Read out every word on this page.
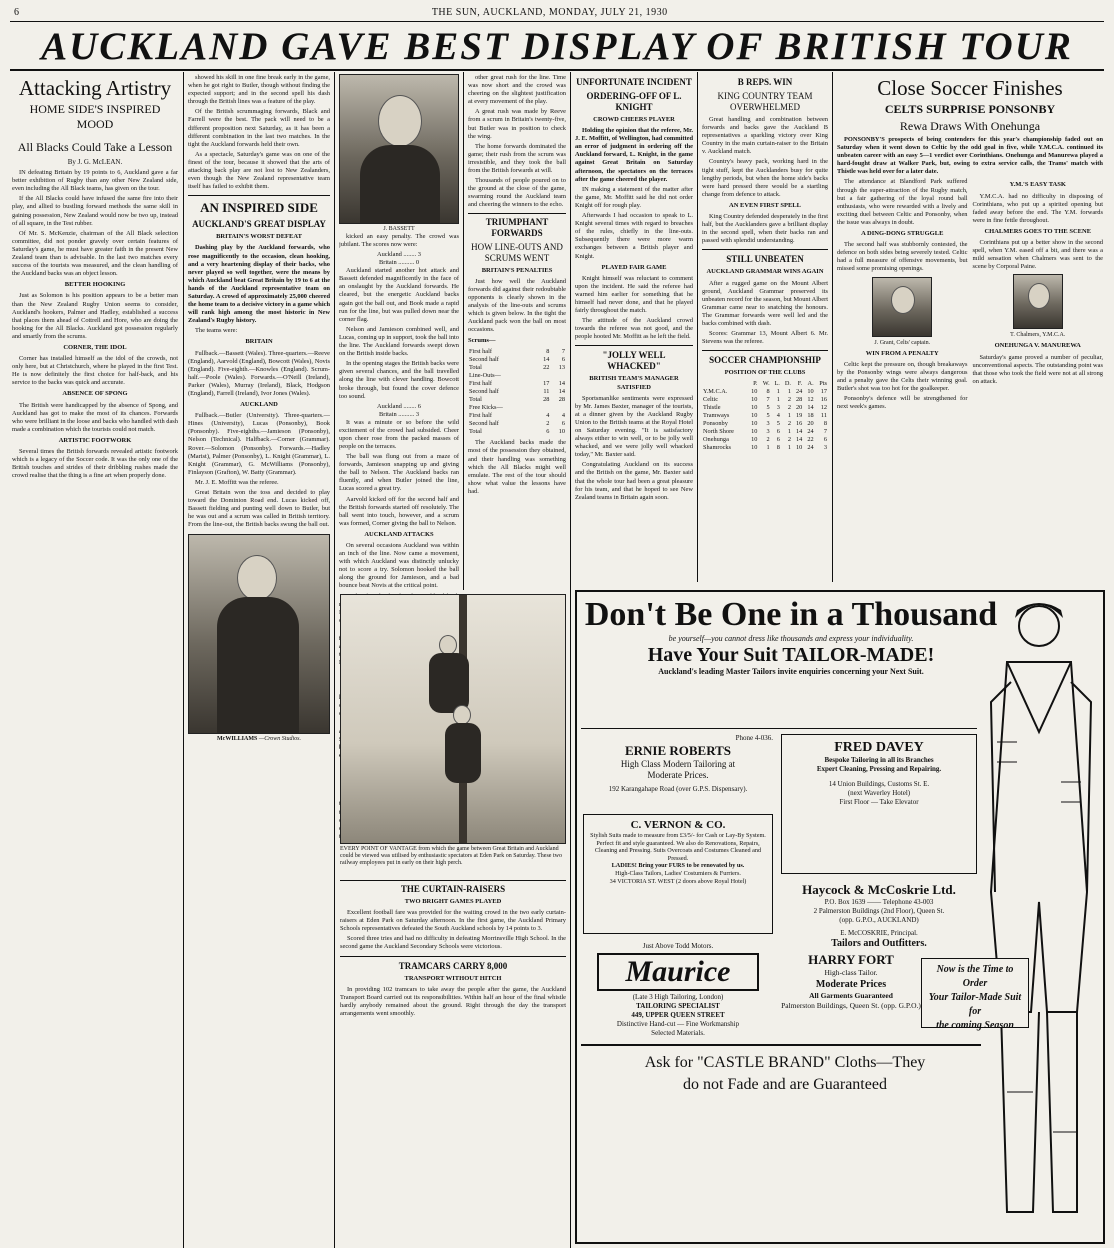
6	THE SUN, AUCKLAND, MONDAY, JULY 21, 1930
AUCKLAND GAVE BEST DISPLAY OF BRITISH TOUR
Attacking Artistry
HOME SIDE'S INSPIRED MOOD
All Blacks Could Take a Lesson
By J. G. McLEAN.

IN defeating Britain by 19 points to 6, Auckland gave a far better exhibition of Rugby than any other New Zealand side, even including the All Black teams, has given on the tour.

If the All Blacks could have infused the same fire into their play, and allied to bustling forward methods the same skill in gaining possession, New Zealand would now be two up, instead of all square, in the Test rubber.

Of Mr. S. McKenzie, chairman of the All Black selection committee, did not ponder gravely over certain features of Saturday's game, he must have greater faith in the present New Zealand team than is advisable. In the last two matches every success of the tourists was measured, and the clean handling of the Auckland backs was an object lesson.

BETTER HOOKING

Just as Solomon is his position appears to be a better man than the New Zealand Rugby Union seems to consider, Auckland's hookers, Palmer and Hadley, established a success that places them ahead of Cottrell and Hore, who are doing the hooking for the All Blacks. Auckland got possession regularly and smartly from the scrums.

CORNER, THE IDOL

Corner has installed himself as the idol of the crowds, not only here, but at Christchurch, where he played in the first Test. He is now definitely the first choice for half-back, and his service to the backs was quick and accurate.

ABSENCE OF SPONG

The British were handicapped by the absence of Spong, and Auckland has got to make the most of its chances. Forwards who were brilliant in the loose and backs who handled with dash made a combination which the tourists could not match.

ARTISTIC FOOTWORK

Several times the British forwards revealed artistic footwork which is a legacy of the Soccer code. It was the only one of the British touches and strides of their dribbling rushes made the crowd realise that the thing is a fine art when properly done.

showed his skill in one fine break early in the game, when he got right to Butler, though without finding the expected support; and in the second spell his dash through the British lines was a feature of the play.

Of the British scrummaging forwards, Black and Farrell were the best. The pack will need to be a different proposition next Saturday, as it has been a different combination in the last two matches. In the tight the Auckland forwards held their own.

As a spectacle, Saturday's game was on one of the finest of the tour, because it showed that the arts of attacking back play are not lost to New Zealanders, even though the New Zealand representative team itself has failed to exhibit them.

AN INSPIRED SIDE
AUCKLAND'S GREAT DISPLAY
BRITAIN'S WORST DEFEAT

Dashing play by the Auckland forwards, who rose magnificently to the occasion, clean hooking, and a very heartening display of their backs, who never played so well together, were the means by which Auckland beat Great Britain by 19 to 6 at the hands of the Auckland representative team on Saturday. A crowd of approximately 25,000 cheered the home team to a decisive victory in a game which will rank high among the most historic in New Zealand's Rugby history.

The teams were:

BRITAIN

Fullback.—Bassett (Wales). Three-quarters.—Reeve (England), Aarvold (England), Bowcott (Wales), Novis (England). Five-eighth.—Knowles (England). Scrum-half.—Poole (Wales). Forwards.—O'Neill (Ireland), Parker (Wales), Murray (Ireland), Black, Hodgson (England), Farrell (Ireland), Ivor Jones (Wales).

AUCKLAND

Fullback.—Butler (University). Three-quarters.—Hines (University), Lucas (Ponsonby), Book (Ponsonby). Five-eighths.—Jamieson (Ponsonby), Nelson (Technical). Halfback.—Corner (Grammar). Rover.—Solomon (Ponsonby). Forwards.—Hadley (Marist), Palmer (Ponsonby), L. Knight (Grammar), L. Knight (Grammar), G. McWilliams (Ponsonby), Finlayson (Grafton), W. Batty (Grammar).

Mr. J. E. Moffitt was the referee.

Great Britain won the toss and decided to play toward the Dominion Road end. Lucas kicked off, Bassett fielding and punting well down to Butler, but he was out and a scrum was called in British territory. From the line-out, the British backs swung the ball out.

McWILLIAMS —Crown Studios.
J. BASSETT

kicked an easy penalty. The crowd was jubilant. The scores now were:

Auckland ........ 3
Britain .......... 0

Auckland started another hot attack and Bassett defended magnificently in the face of an onslaught by the Auckland forwards. He cleared, but the energetic Auckland backs again got the ball out, and Book made a rapid run for the line, but was pulled down near the corner flag.

Nelson and Jamieson combined well, and Lucas, coming up in support, took the ball into the line. The Auckland forwards swept down on the British inside backs.

In the opening stages the British backs were given several chances, and the ball travelled along the line with clever handling. Bowcott broke through, but found the cover defence too sound.

Auckland ........ 6
Britain .......... 3

It was a minute or so before the wild excitement of the crowd had subsided. Cheer upon cheer rose from the packed masses of people on the terraces.

The ball was flung out from a maze of forwards, Jamieson snapping up and giving the ball to Nelson. The Auckland backs ran fluently, and when Butler joined the line, Lucas scored a great try.

Aarvold kicked off for the second half and the British forwards started off resolutely. The ball went into touch, however, and a scrum was formed, Corner giving the ball to Nelson.

AUCKLAND ATTACKS

On several occasions Auckland was within an inch of the line. Now came a movement, with which Auckland was distinctly unlucky not to score a try. Solomon hooked the ball along the ground for Jamieson, and a bad bounce beat Novis at the critical point.

other great rush for the line. Time was now short and the crowd was cheering on the slightest justification at every movement of the play.

A great rush was made by Reeve from a scrum in Britain's twenty-five, but Butler was in position to check the wing.

The home forwards dominated the game; their rush from the scrum was irresistible, and they took the ball from the British forwards at will.

Thousands of people poured on to the ground at the close of the game, swarming round the Auckland team and cheering the winners to the echo.

TRIUMPHANT FORWARDS
HOW LINE-OUTS AND SCRUMS WENT
BRITAIN'S PENALTIES

Just how well the Auckland forwards did against their redoubtable opponents is clearly shown in the analysis of the line-outs and scrums which is given below. In the tight the Auckland pack won the ball on most occasions.

Scrums—
First half	8	7
Second half	14	6
Total	22	13
Line-Outs—		
First half	17	14
Second half	11	14
Total	28	28
Free Kicks—		
First half	4	4
Second half	2	6
Total	6	10

The Auckland backs made the most of the possession they obtained, and their handling was something which the All Blacks might well emulate. The rest of the tour should show what value the lessons have had.

EVERY POINT OF VANTAGE from which the game between Great Britain and Auckland could be viewed was utilised by enthusiastic spectators at Eden Park on Saturday. These two railway employees put in early on their high perch.
THE CURTAIN-RAISERS
TWO BRIGHT GAMES PLAYED

Excellent football fare was provided for the waiting crowd in the two early curtain-raisers at Eden Park on Saturday afternoon. In the first game, the Auckland Primary Schools representatives defeated the South Auckland schools by 14 points to 3.

Scored three tries and had no difficulty in defeating Morrinsville High School. In the second game the Auckland Secondary Schools were victorious.

TRAMCARS CARRY 8,000
TRANSPORT WITHOUT HITCH

In providing 102 tramcars to take away the people after the game, the Auckland Transport Board carried out its responsibilities. Within half an hour of the final whistle hardly anybody remained about the ground. Right through the day the transport arrangements went smoothly.

UNFORTUNATE INCIDENT
ORDERING-OFF OF L. KNIGHT
CROWD CHEERS PLAYER

Holding the opinion that the referee, Mr. J. E. Moffitt, of Wellington, had committed an error of judgment in ordering off the Auckland forward, L. Knight, in the game against Great Britain on Saturday afternoon, the spectators on the terraces after the game cheered the player.

IN making a statement of the matter after the game, Mr. Moffitt said he did not order Knight off for rough play.

Afterwards I had occasion to speak to L. Knight several times with regard to breaches of the rules, chiefly in the line-outs. Subsequently there were more warm exchanges between a British player and Knight.

PLAYED FAIR GAME

Knight himself was reluctant to comment upon the incident. He said the referee had warned him earlier for something that he himself had never done, and that he played fairly throughout the match.

The attitude of the Auckland crowd towards the referee was not good, and the people hooted Mr. Moffitt as he left the field.

"JOLLY WELL WHACKED"
BRITISH TEAM'S MANAGER SATISFIED

Sportsmanlike sentiments were expressed by Mr. James Baxter, manager of the tourists, at a dinner given by the Auckland Rugby Union to the British teams at the Royal Hotel on Saturday evening. "It is satisfactory always either to win well, or to be jolly well whacked, and we were jolly well whacked today," Mr. Baxter said.

Congratulating Auckland on its success and the British on the game, Mr. Baxter said that the whole tour had been a great pleasure for his team, and that he hoped to see New Zealand teams in Britain again soon.

B REPS. WIN
KING COUNTRY TEAM OVERWHELMED

Great handling and combination between forwards and backs gave the Auckland B representatives a sparkling victory over King Country in the main curtain-raiser to the Britain v. Auckland match.

Country's heavy pack, working hard in the tight stuff, kept the Aucklanders busy for quite lengthy periods, but when the home side's backs were hard pressed there would be a startling change from defence to attack.

AN EVEN FIRST SPELL

King Country defended desperately in the first half, but the Aucklanders gave a brilliant display in the second spell, when their backs ran and passed with splendid understanding.

STILL UNBEATEN
AUCKLAND GRAMMAR WINS AGAIN

After a rugged game on the Mount Albert ground, Auckland Grammar preserved its unbeaten record for the season, but Mount Albert Grammar came near to snatching the honours. The Grammar forwards were well led and the backs combined with dash.

Scores: Grammar 13, Mount Albert 6. Mr. Stevens was the referee.

SOCCER CHAMPIONSHIP
POSITION OF THE CLUBS
	P.	W.	L.	D.	F.	A.	Pts
Y.M.C.A.	10	8	1	1	24	10	17
Celtic	10	7	1	2	28	12	16
Thistle	10	5	3	2	20	14	12
Tramways	10	5	4	1	19	18	11
Ponsonby	10	3	5	2	16	20	8
North Shore	10	3	6	1	14	24	7
Onehunga	10	2	6	2	14	22	6
Shamrocks	10	1	8	1	10	24	3
Close Soccer Finishes
CELTS SURPRISE PONSONBY
Rewa Draws With Onehunga

PONSONBY'S prospects of being contenders for this year's championship faded out on Saturday when it went down to Celtic by the odd goal in five, while Y.M.C.A. continued its unbeaten career with an easy 5—1 verdict over Corinthians. Onehunga and Manurewa played a hard-fought draw at Walker Park, but, owing to extra service calls, the Trams' match with Thistle was held over for a later date.

The attendance at Blandford Park suffered through the super-attraction of the Rugby match, but a fair gathering of the loyal round ball enthusiasts, who were rewarded with a lively and exciting duel between Celtic and Ponsonby, when the issue was always in doubt.

A DING-DONG STRUGGLE

The second half was stubbornly contested, the defence on both sides being severely tested. Celtic had a full measure of offensive movements, but missed some promising openings.

J. Grant, Celts' captain.
WIN FROM A PENALTY

Celtic kept the pressure on, though breakaways by the Ponsonby wings were always dangerous and a penalty gave the Celts their winning goal. Butler's shot was too hot for the goalkeeper.

Ponsonby's defence will be strengthened for next week's games.

Y.M.'S EASY TASK

Y.M.C.A. had no difficulty in disposing of Corinthians, who put up a spirited opening but faded away before the end. The Y.M. forwards were in fine fettle throughout.

CHALMERS GOES TO THE SCENE

Corinthians put up a better show in the second spell, when Y.M. eased off a bit, and there was a mild sensation when Chalmers was sent to the scene by Corporal Paine.

T. Chalmers, Y.M.C.A.
ONEHUNGA V. MANUREWA

Saturday's game proved a number of peculiar, unconventional aspects. The outstanding point was that those who took the field were not at all strong on attack.

Don't Be One in a Thousand
be yourself—you cannot dress like thousands and express your individuality.
Have Your Suit TAILOR-MADE!
Auckland's leading Master Tailors invite enquiries concerning your Next Suit.
Phone 4-036.
ERNIE ROBERTS
High Class Modern Tailoring at
Moderate Prices.
192 Karangahape Road (over G.P.S. Dispensary).
FRED DAVEY
Bespoke Tailoring in all its Branches
Expert Cleaning, Pressing and Repairing.
14 Union Buildings, Customs St. E.
(next Waverley Hotel)
First Floor — Take Elevator
C. VERNON & CO.
Stylish Suits made to measure from £3/5/- for Cash or Lay-By System. Perfect fit and style guaranteed. We also do Renovations, Repairs, Cleaning and Pressing. Suits Overcoats and Costumes Cleaned and Pressed.
LADIES! Bring your FURS to be renovated by us.
High-Class Tailors, Ladies' Costumiers & Furriers.
34 VICTORIA ST. WEST (2 doors above Royal Hotel)
Haycock & McCoskrie Ltd.
P.O. Box 1639 —— Telephone 43-003
2 Palmerston Buildings (2nd Floor), Queen St.
(opp. G.P.O., AUCKLAND)
E. McCOSKRIE, Principal.
Tailors and Outfitters.
Just Above Todd Motors.
Maurice
(Late 3 High Tailoring, London)
TAILORING SPECIALIST
449, UPPER QUEEN STREET
Distinctive Hand-cut — Fine Workmanship
Selected Materials.
HARRY FORT
High-class Tailor.
Moderate Prices
All Garments Guaranteed
Palmerston Buildings, Queen St. (opp. G.P.O.)
Now is the Time to Order
Your Tailor-Made Suit for
the coming Season
Ask for "CASTLE BRAND" Cloths—They
do not Fade and are Guaranteed
